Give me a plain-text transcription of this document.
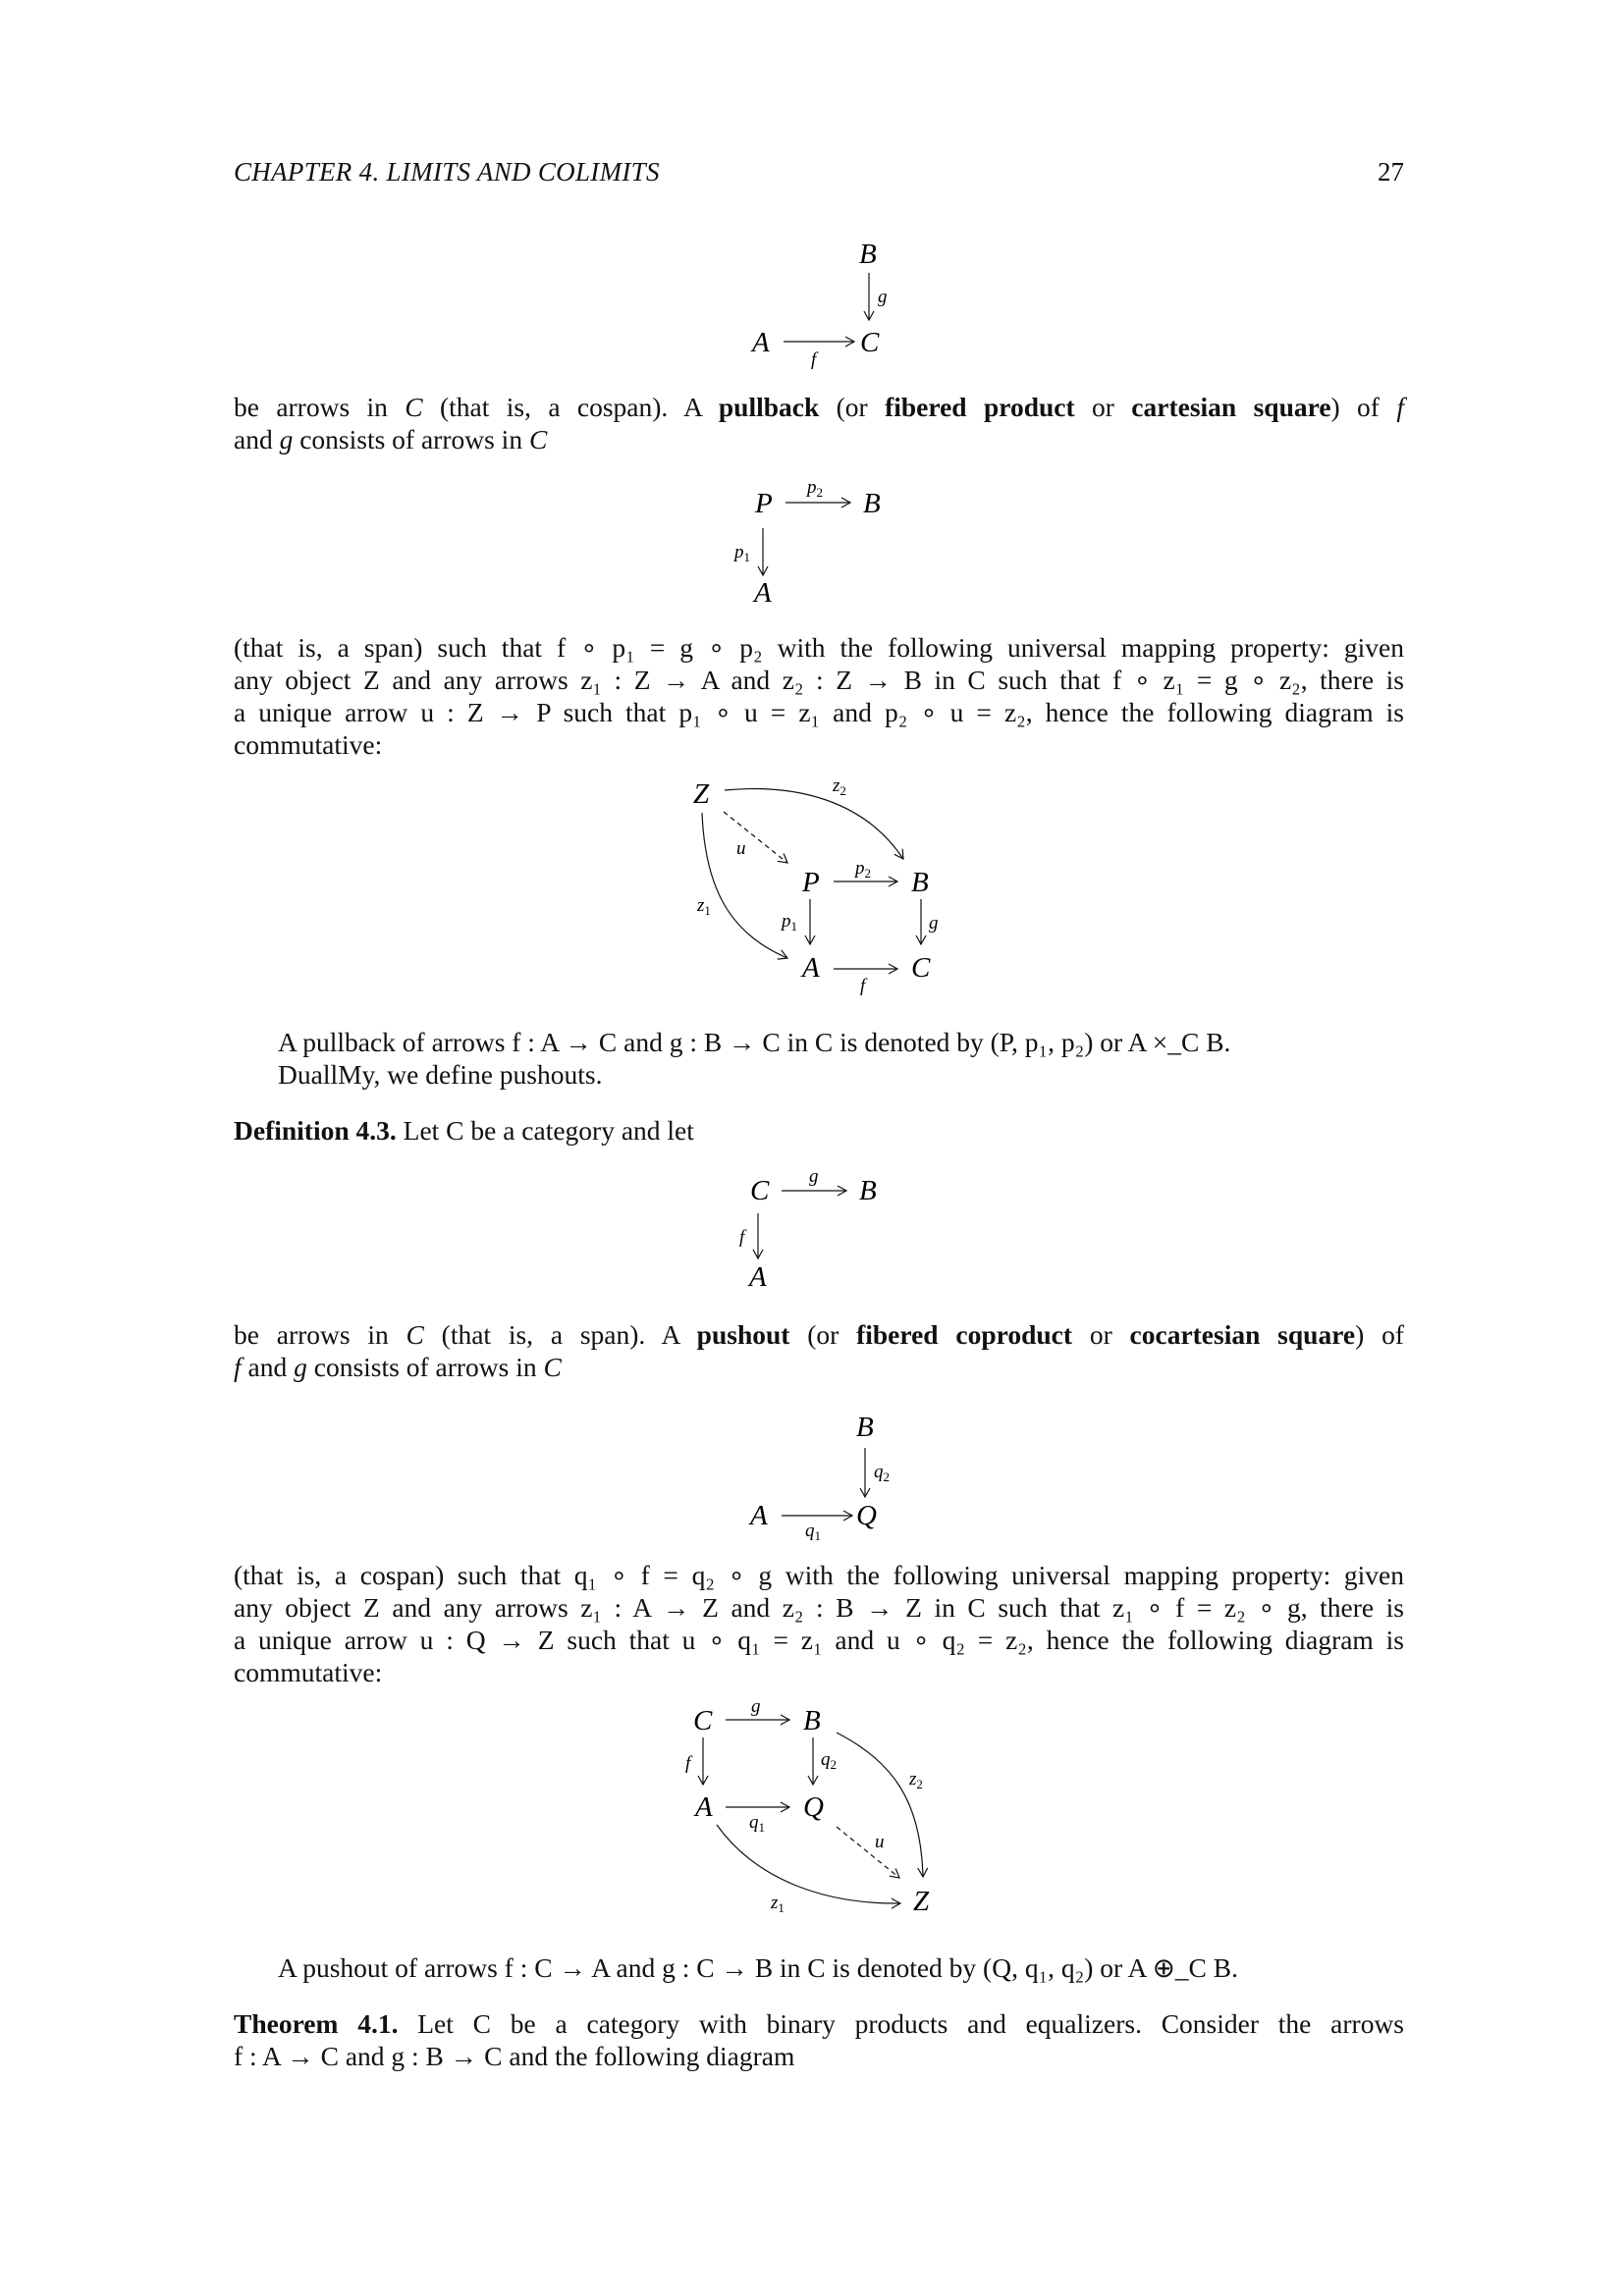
CHAPTER 4. LIMITS AND COLIMITS	27
B
g
A
f
C
be arrows in C (that is, a cospan). A pullback (or fibered product or cartesian square) of f
and g consists of arrows in C
P
$p_2$ B
$p_1$
A
(that is, a span) such that f ∘ p₁ = g ∘ p₂ with the following universal mapping property: given
any object Z and any arrows z₁ : Z → A and z₂ : Z → B in C such that f ∘ z₁ = g ∘ z₂, there is
a unique arrow u : Z → P such that p₁ ∘ u = z₁ and p₂ ∘ u = z₂, hence the following diagram is
commutative:
Z	$z_2$
u
$z_1$
P $p_2$ B
$p_1$	g
A
f
C
A pullback of arrows f : A → C and g : B → C in C is denoted by (P, p₁, p₂) or A ×_C B.
DuallMy, we define pushouts.
Definition 4.3. Let C be a category and let
C g B
f
A
be arrows in C (that is, a span). A pushout (or fibered coproduct or cocartesian square) of
f and g consists of arrows in C
B
$q_2$
A $q_1$
Q
(that is, a cospan) such that q₁ ∘ f = q₂ ∘ g with the following universal mapping property: given
any object Z and any arrows z₁ : A → Z and z₂ : B → Z in C such that z₁ ∘ f = z₂ ∘ g, there is
a unique arrow u : Q → Z such that u ∘ q₁ = z₁ and u ∘ q₂ = z₂, hence the following diagram is
commutative:
C g B
f	$q_2$
A $q_1$
Q
$z_2$
u
$z_1$	Z
A pushout of arrows f : C → A and g : C → B in C is denoted by (Q, q₁, q₂) or A ⊕_C B.
Theorem 4.1. Let C be a category with binary products and equalizers. Consider the arrows
f : A → C and g : B → C and the following diagram
